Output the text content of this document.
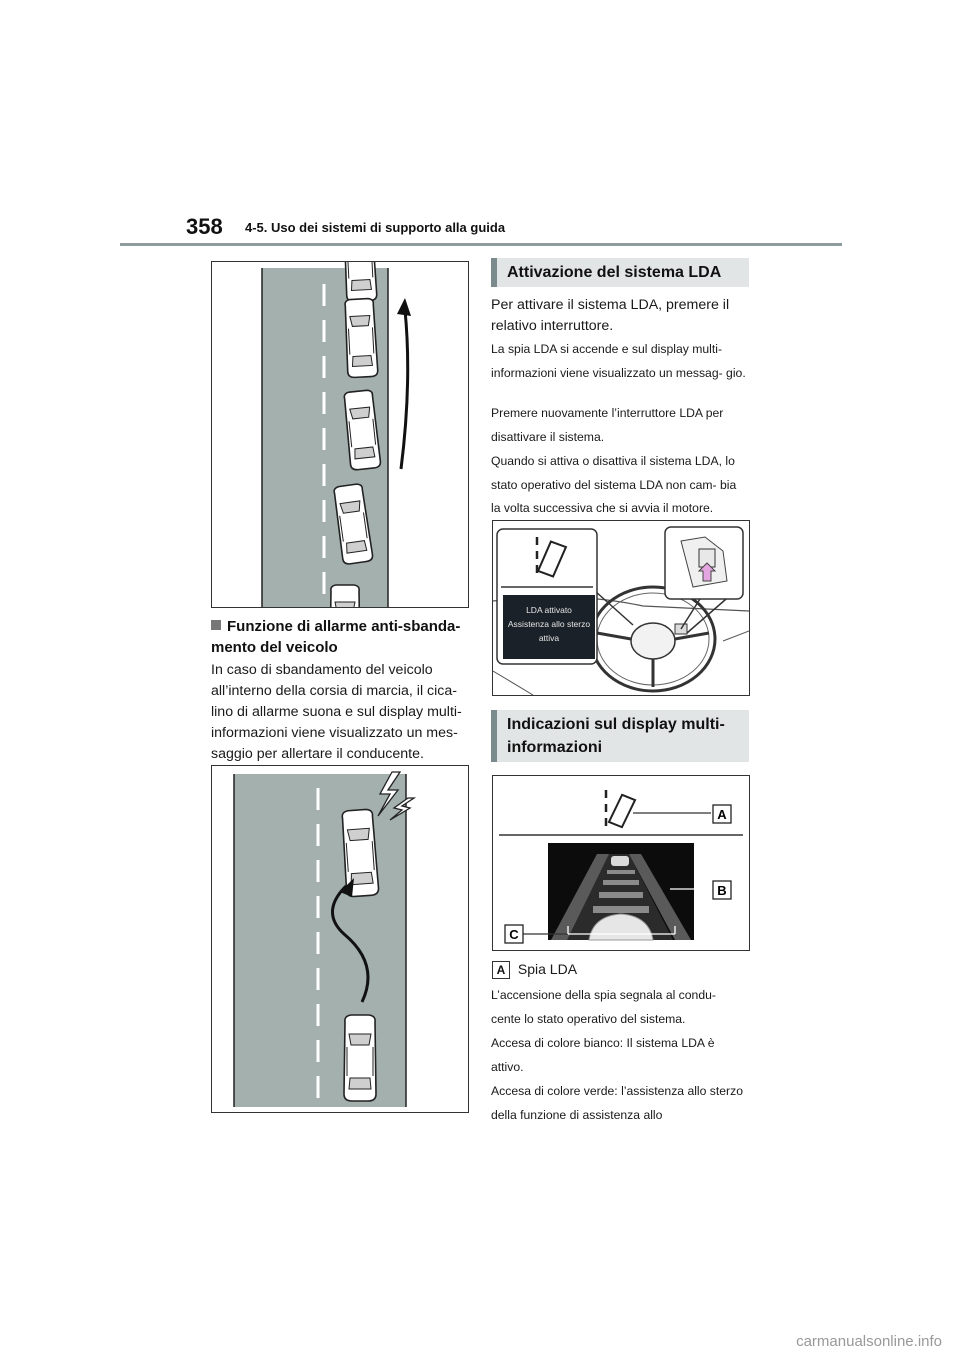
358 4-5. Uso dei sistemi di supporto alla guida
Funzione di allarme anti-sbanda- mento del veicolo
In caso di sbandamento del veicolo all’interno della corsia di marcia, il cica- lino di allarme suona e sul display multi- informazioni viene visualizzato un mes- saggio per allertare il conducente.
Attivazione del sistema LDA
Per attivare il sistema LDA, premere il relativo interruttore.
La spia LDA si accende e sul display multi- informazioni viene visualizzato un messag- gio.
Premere nuovamente l’interruttore LDA per disattivare il sistema.
Quando si attiva o disattiva il sistema LDA, lo stato operativo del sistema LDA non cam- bia la volta successiva che si avvia il motore.
LDA attivato
Assistenza allo sterzo
attiva
Indicazioni sul display multi- informazioni
A
B
C
A Spia LDA
L’accensione della spia segnala al condu- cente lo stato operativo del sistema.
Accesa di colore bianco: Il sistema LDA è attivo.
Accesa di colore verde: l’assistenza allo sterzo della funzione di assistenza allo
carmanualsonline.info
